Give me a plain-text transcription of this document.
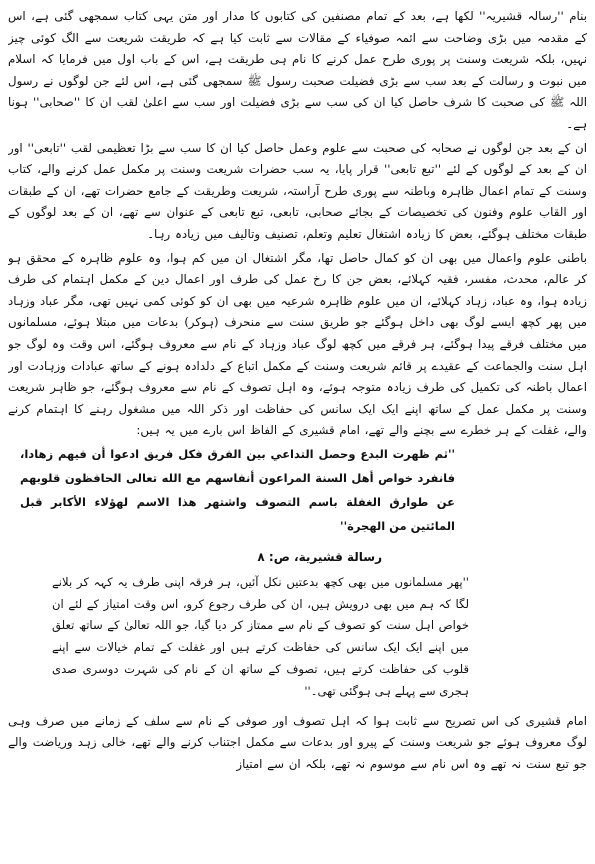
بنام ''رسالہ قشیریہ'' لکھا ہے، بعد کے تمام مصنفین کی کتابوں کا مدار اور متن یہی کتاب سمجھی گئی ہے، اس کے مقدمہ میں بڑی وضاحت سے ائمہ صوفیاء کے مقالات سے ثابت کیا ہے کہ طریقت شریعت سے الگ کوئی چیز نہیں، بلکہ شریعت وسنت پر پوری طرح عمل کرنے کا نام ہی طریقت ہے، اس کے باب اول میں فرمایا کہ اسلام میں نبوت و رسالت کے بعد سب سے بڑی فضیلت صحبت رسول ﷺ سمجھی گئی ہے، اس لئے جن لوگوں نے رسول اللہ ﷺ کی صحبت کا شرف حاصل کیا ان کی سب سے بڑی فضیلت اور سب سے اعلیٰ لقب ان کا ''صحابی'' ہونا ہے۔

ان کے بعد جن لوگوں نے صحابہ کی صحبت سے علوم وعمل حاصل کیا ان کا سب سے بڑا تعظیمی لقب ''تابعی'' اور ان کے بعد کے لوگوں کے لئے ''تبع تابعی'' قرار پایا، یہ سب حضرات شریعت وسنت پر مکمل عمل کرنے والے، کتاب وسنت کے تمام اعمال ظاہرہ وباطنہ سے پوری طرح آراستہ، شریعت وطریقت کے جامع حضرات تھے، ان کے طبقات اور القاب علوم وفنون کی تخصیصات کے بجائے صحابی، تابعی، تبع تابعی کے عنوان سے تھے، ان کے بعد لوگوں کے طبقات مختلف ہوگئے، بعض کا زیادہ اشتغال تعلیم وتعلم، تصنیف وتالیف میں زیادہ رہا۔

باطنی علوم واعمال میں بھی ان کو کمال حاصل تھا، مگر اشتغال ان میں کم ہوا، وہ علوم ظاہرہ کے محقق ہو کر عالم، محدث، مفسر، فقیہ کہلائے، بعض جن کا رخ عمل کی طرف اور اعمال دین کے مکمل اہتمام کی طرف زیادہ ہوا، وہ عباد، زہاد کہلائے، ان میں علوم ظاہرہ شرعیہ میں بھی ان کو کوئی کمی نہیں تھی، مگر عباد وزہاد میں پھر کچھ ایسے لوگ بھی داخل ہوگئے جو طریق سنت سے منحرف (ہوکر) بدعات میں مبتلا ہوئے، مسلمانوں میں مختلف فرقے پیدا ہوگئے، ہر فرقے میں کچھ لوگ عباد وزہاد کے نام سے معروف ہوگئے، اس وقت وہ لوگ جو اہل سنت والجماعت کے عقیدے پر قائم شریعت وسنت کے مکمل اتباع کے دلدادہ ہونے کے ساتھ عبادات وزہادت اور اعمال باطنہ کی تکمیل کی طرف زیادہ متوجہ ہوئے، وہ اہل تصوف کے نام سے معروف ہوگئے، جو ظاہر شریعت وسنت پر مکمل عمل کے ساتھ اپنے ایک ایک سانس کی حفاظت اور ذکر اللہ میں مشغول رہنے کا اہتمام کرنے والے، غفلت کے ہر خطرے سے بچنے والے تھے، امام قشیری کے الفاظ اس بارے میں یہ ہیں:

''ثم ظهرت البدع وحصل التداعي بين الفرق فكل فريق ادعوا أن فيهم زهادا، فانفرد خواص أهل السنة المراعون أنفاسهم مع الله تعالى الحافظون قلوبهم عن طوارق الغفلة باسم التصوف واشتهر هذا الاسم لهؤلاء الأكابر قبل المائتين من الهجرة''

رسالة قشيرية، ص: ٨

''پھر مسلمانوں میں بھی کچھ بدعتیں نکل آئیں، ہر فرقہ اپنی طرف یہ کہہ کر بلانے لگا کہ ہم میں بھی درویش ہیں، ان کی طرف رجوع کرو، اس وقت امتیاز کے لئے ان خواص اہل سنت کو تصوف کے نام سے ممتاز کر دیا گیا، جو اللہ تعالیٰ کے ساتھ تعلق میں اپنے ایک ایک سانس کی حفاظت کرتے ہیں اور غفلت کے تمام خیالات سے اپنے قلوب کی حفاظت کرتے ہیں، تصوف کے ساتھ ان کے نام کی شہرت دوسری صدی ہجری سے پہلے ہی ہوگئی تھی۔''

امام قشیری کی اس تصریح سے ثابت ہوا کہ اہل تصوف اور صوفی کے نام سے سلف کے زمانے میں صرف وہی لوگ معروف ہوئے جو شریعت وسنت کے پیرو اور بدعات سے مکمل اجتناب کرنے والے تھے، خالی زہد وریاضت والے جو تبع سنت نہ تھے وہ اس نام سے موسوم نہ تھے، بلکہ ان سے امتیاز
